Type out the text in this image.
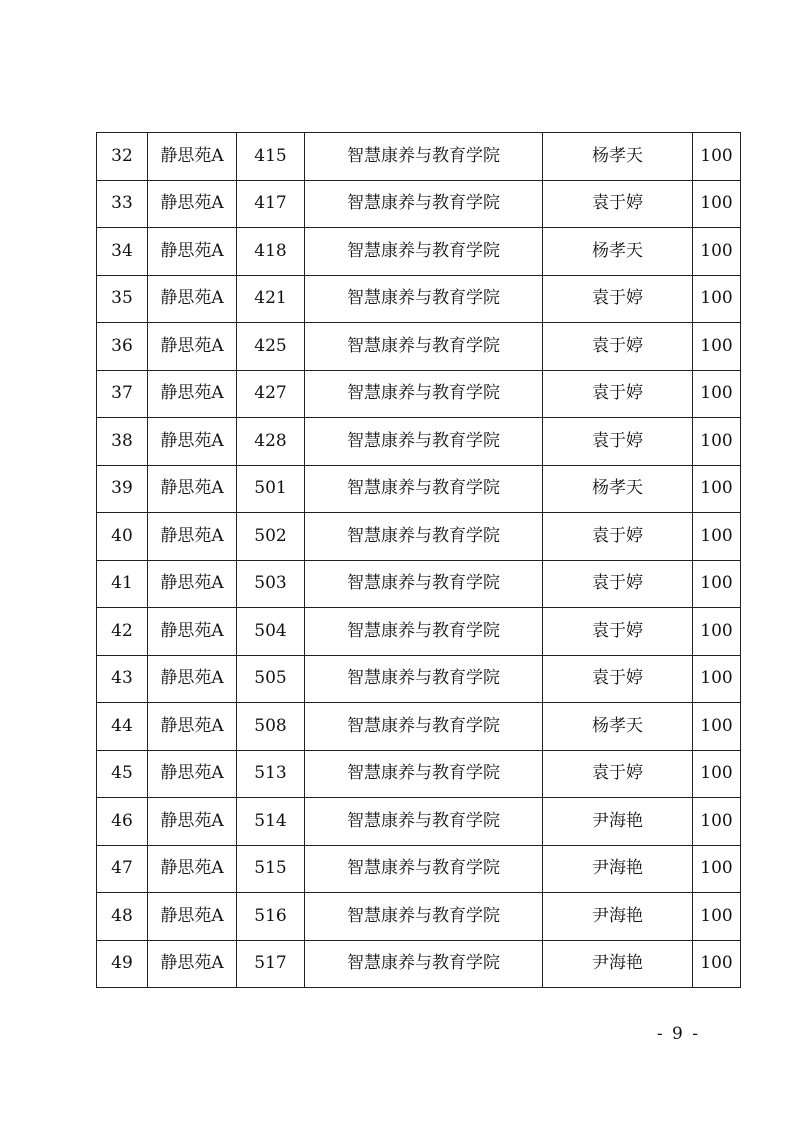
32	静思苑A	415	智慧康养与教育学院	杨孝天	100
33	静思苑A	417	智慧康养与教育学院	袁于婷	100
34	静思苑A	418	智慧康养与教育学院	杨孝天	100
35	静思苑A	421	智慧康养与教育学院	袁于婷	100
36	静思苑A	425	智慧康养与教育学院	袁于婷	100
37	静思苑A	427	智慧康养与教育学院	袁于婷	100
38	静思苑A	428	智慧康养与教育学院	袁于婷	100
39	静思苑A	501	智慧康养与教育学院	杨孝天	100
40	静思苑A	502	智慧康养与教育学院	袁于婷	100
41	静思苑A	503	智慧康养与教育学院	袁于婷	100
42	静思苑A	504	智慧康养与教育学院	袁于婷	100
43	静思苑A	505	智慧康养与教育学院	袁于婷	100
44	静思苑A	508	智慧康养与教育学院	杨孝天	100
45	静思苑A	513	智慧康养与教育学院	袁于婷	100
46	静思苑A	514	智慧康养与教育学院	尹海艳	100
47	静思苑A	515	智慧康养与教育学院	尹海艳	100
48	静思苑A	516	智慧康养与教育学院	尹海艳	100
49	静思苑A	517	智慧康养与教育学院	尹海艳	100
- 9 -
